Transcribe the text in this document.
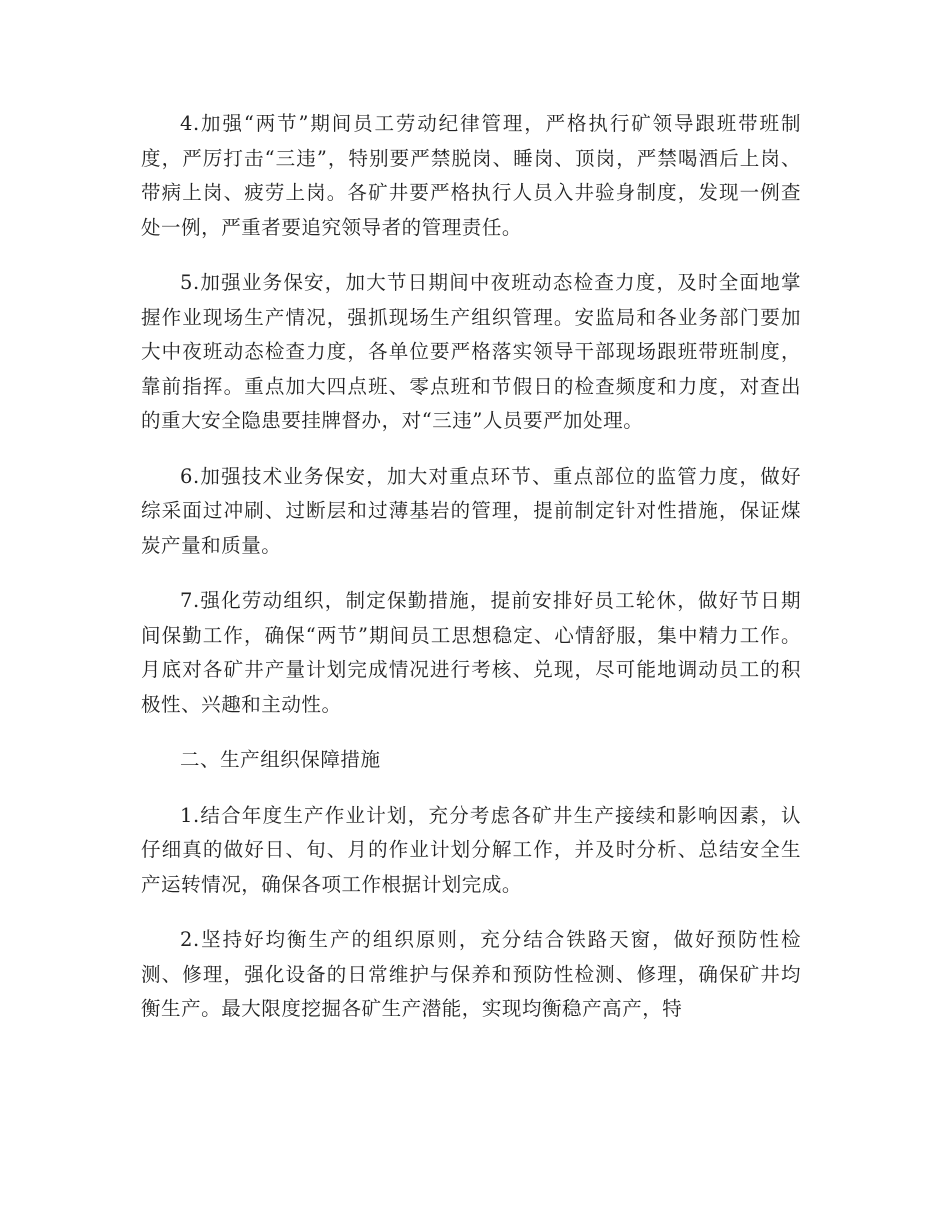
4.加强“两节”期间员工劳动纪律管理，严格执行矿领导跟班带班制度，严厉打击“三违”，特别要严禁脱岗、睡岗、顶岗，严禁喝酒后上岗、带病上岗、疲劳上岗。各矿井要严格执行人员入井验身制度，发现一例查处一例，严重者要追究领导者的管理责任。

5.加强业务保安，加大节日期间中夜班动态检查力度，及时全面地掌握作业现场生产情况，强抓现场生产组织管理。安监局和各业务部门要加大中夜班动态检查力度，各单位要严格落实领导干部现场跟班带班制度，靠前指挥。重点加大四点班、零点班和节假日的检查频度和力度，对查出的重大安全隐患要挂牌督办，对“三违”人员要严加处理。

6.加强技术业务保安，加大对重点环节、重点部位的监管力度，做好综采面过冲刷、过断层和过薄基岩的管理，提前制定针对性措施，保证煤炭产量和质量。

7.强化劳动组织，制定保勤措施，提前安排好员工轮休，做好节日期间保勤工作，确保“两节”期间员工思想稳定、心情舒服，集中精力工作。月底对各矿井产量计划完成情况进行考核、兑现，尽可能地调动员工的积极性、兴趣和主动性。

二、生产组织保障措施

1.结合年度生产作业计划，充分考虑各矿井生产接续和影响因素，认仔细真的做好日、旬、月的作业计划分解工作，并及时分析、总结安全生产运转情况，确保各项工作根据计划完成。

2.坚持好均衡生产的组织原则，充分结合铁路天窗，做好预防性检测、修理，强化设备的日常维护与保养和预防性检测、修理，确保矿井均衡生产。最大限度挖掘各矿生产潜能，实现均衡稳产高产，特
